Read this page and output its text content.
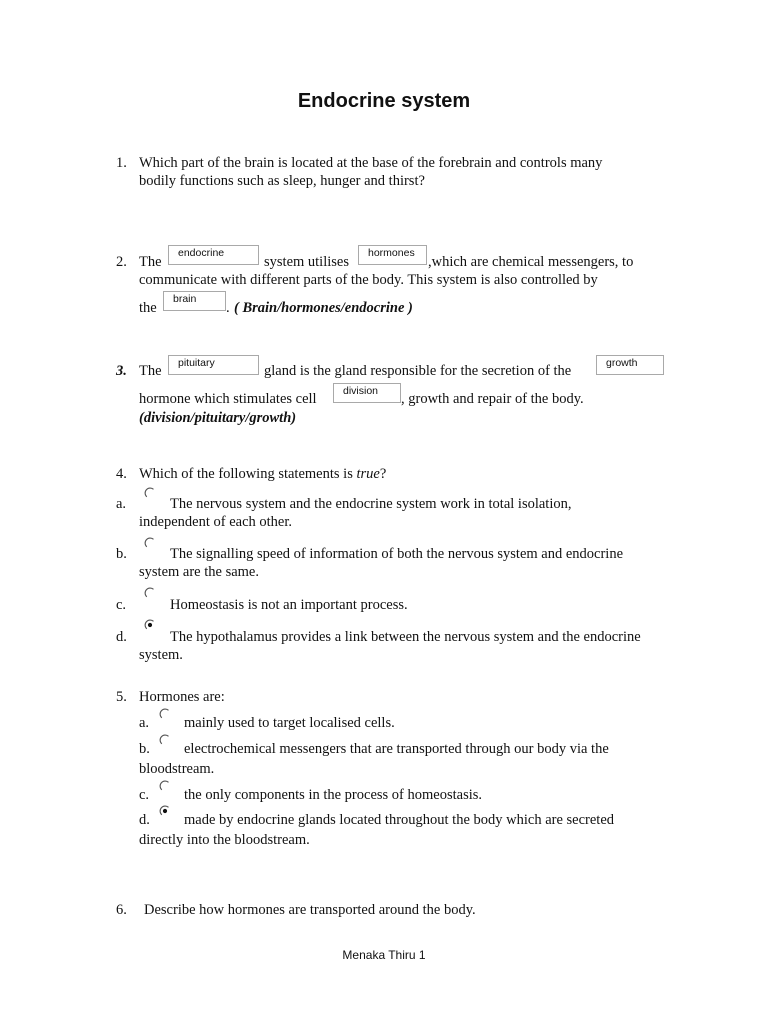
Endocrine system
1. Which part of the brain is located at the base of the forebrain and controls many
bodily functions such as sleep, hunger and thirst?
2. The
endocrine
system utilises
hormones
,which are chemical messengers, to
communicate with different parts of the body. This system is also controlled by
the
brain
. ( Brain/hormones/endocrine )
3. The	pituitary	gland is the gland responsible for the secretion of the	growth
hormone which stimulates cell	division	, growth and repair of the body.
(division/pituitary/growth)
4. Which of the following statements is true?
a.	The nervous system and the endocrine system work in total isolation,
independent of each other.
b.	The signalling speed of information of both the nervous system and endocrine
system are the same.
c.	Homeostasis is not an important process.
d.	The hypothalamus provides a link between the nervous system and the endocrine
system.
5. Hormones are:
a. mainly used to target localised cells.
b. electrochemical messengers that are transported through our body via the
bloodstream.
c. the only components in the process of homeostasis.
d. made by endocrine glands located throughout the body which are secreted
directly into the bloodstream.
6. Describe how hormones are transported around the body.
Menaka Thiru 1
